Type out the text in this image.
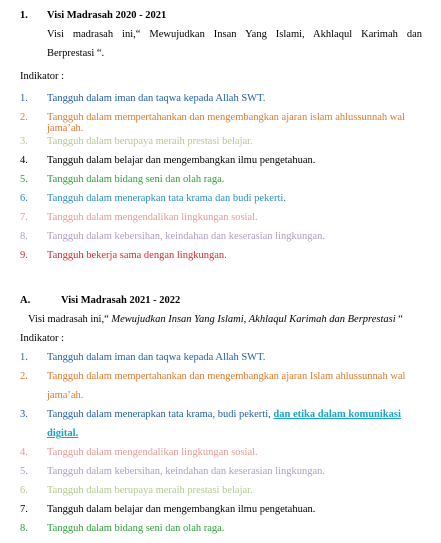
1. Visi Madrasah 2020 - 2021
Visi madrasah ini,“ Mewujudkan Insan Yang Islami, Akhlaqul Karimah dan
Berprestasi “.
Indikator :
1. Tangguh dalam iman dan taqwa kepada Allah SWT.
2. Tangguh dalam mempertahankan dan mengembangkan ajaran islam ahlussunnah wal
jama’ah.
3. Tangguh dalam berupaya meraih prestasi belajar.
4. Tangguh dalam belajar dan mengembangkan ilmu pengetahuan.
5. Tangguh dalam bidang seni dan olah raga.
6. Tangguh dalam menerapkan tata krama dan budi pekerti.
7. Tangguh dalam mengendalikan lingkungan sosial.
8. Tangguh dalam kebersihan, keindahan dan keserasian lingkungan.
9. Tangguh bekerja sama dengan lingkungan.
A.	Visi Madrasah 2021 - 2022
Visi madrasah ini,“ Mewujudkan Insan Yang Islami, Akhlaqul Karimah dan Berprestasi “
Indikator :
1. Tangguh dalam iman dan taqwa kepada Allah SWT.
2. Tangguh dalam mempertahankan dan mengembangkan ajaran Islam ahlussunnah wal
jama’ah.
3. Tangguh dalam menerapkan tata krama, budi pekerti, dan etika dalam komunikasi
digital.
4. Tangguh dalam mengendalikan lingkungan sosial.
5. Tangguh dalam kebersihan, keindahan dan keserasian lingkungan.
6. Tangguh dalam berupaya meraih prestasi belajar.
7. Tangguh dalam belajar dan mengembangkan ilmu pengetahuan.
8. Tangguh dalam bidang seni dan olah raga.
